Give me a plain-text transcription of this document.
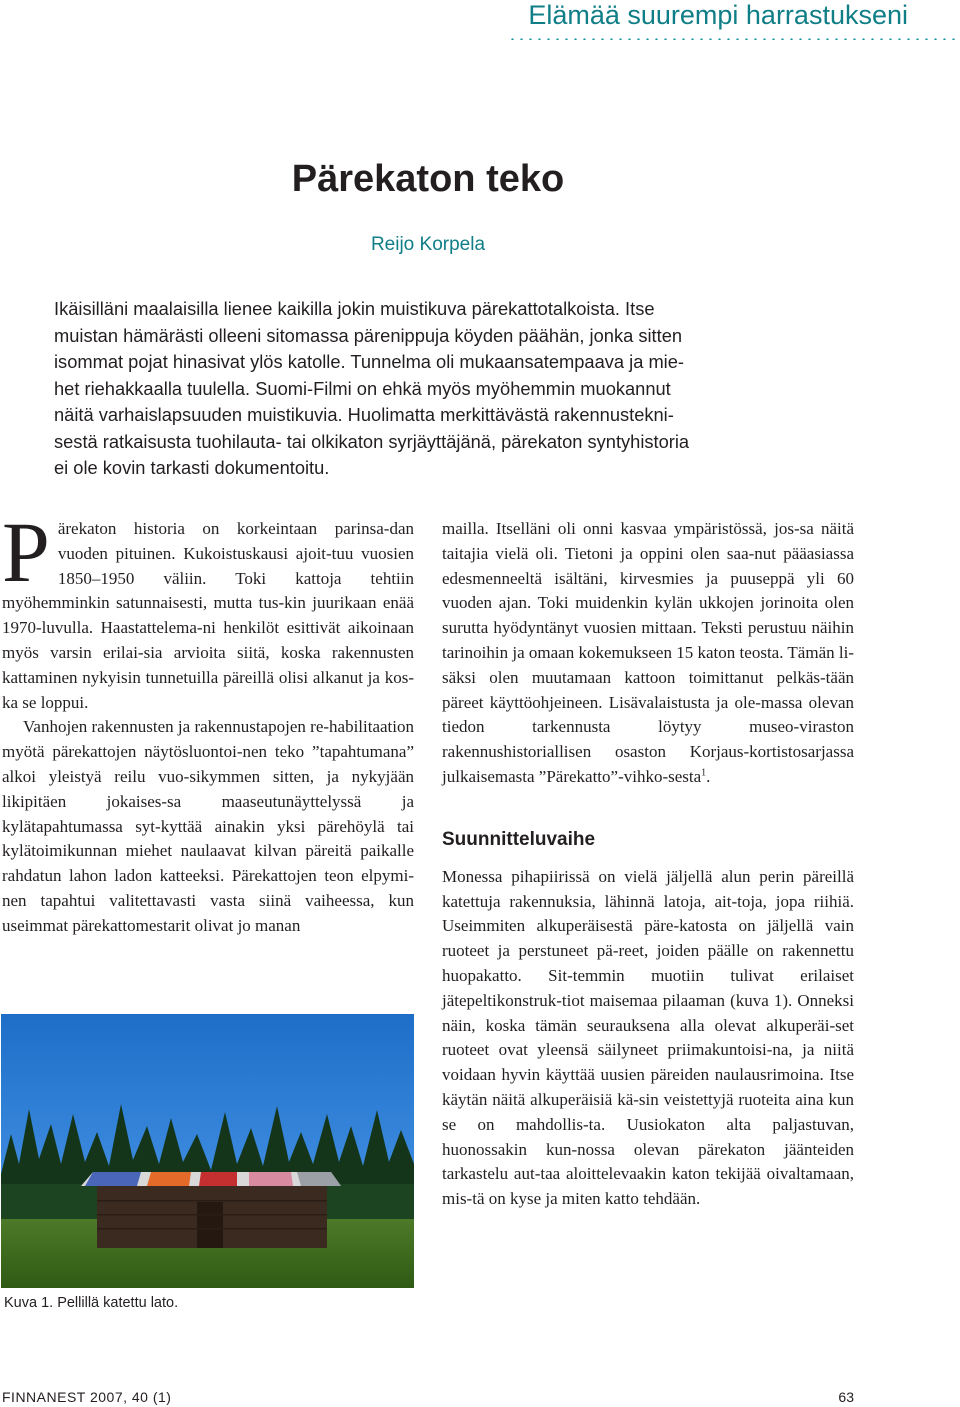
Elämää suurempi harrastukseni
Pärekaton teko
Reijo Korpela
Ikäisilläni maalaisilla lienee kaikilla jokin muistikuva pärekattotalkoista. Itse
muistan hämärästi olleeni sitomassa pärenippuja köyden päähän, jonka sitten
isommat pojat hinasivat ylös katolle. Tunnelma oli mukaansatempaava ja mie-
het riehakkaalla tuulella. Suomi-Filmi on ehkä myös myöhemmin muokannut
näitä varhaislapsuuden muistikuvia. Huolimatta merkittävästä rakennustekni-
sestä ratkaisusta tuohilauta- tai olkikaton syrjäyttäjänä, pärekaton syntyhistoria
ei ole kovin tarkasti dokumentoitu.

Pärekaton historia on korkeintaan parinsa-dan vuoden pituinen. Kukoistuskausi ajoit-tuu vuosien 1850–1950 väliin. Toki kattoja tehtiin myöhemminkin satunnaisesti, mutta tus-kin juurikaan enää 1970-luvulla. Haastattelema-ni henkilöt esittivät aikoinaan myös varsin erilai-sia arvioita siitä, koska rakennusten kattaminen nykyisin tunnetuilla päreillä olisi alkanut ja kos-ka se loppui.

Vanhojen rakennusten ja rakennustapojen re-habilitaation myötä pärekattojen näytösluontoi-nen teko ”tapahtumana” alkoi yleistyä reilu vuo-sikymmen sitten, ja nykyjään likipitäen jokaises-sa maaseutunäyttelyssä ja kylätapahtumassa syt-kyttää ainakin yksi pärehöylä tai kylätoimikunnan miehet naulaavat kilvan päreitä paikalle rahdatun lahon ladon katteeksi. Pärekattojen teon elpymi-nen tapahtui valitettavasti vasta siinä vaiheessa, kun useimmat pärekattomestarit olivat jo manan

Kuva 1. Pellillä katettu lato.

mailla. Itselläni oli onni kasvaa ympäristössä, jos-sa näitä taitajia vielä oli. Tietoni ja oppini olen saa-nut pääasiassa edesmenneeltä isältäni, kirvesmies ja puuseppä yli 60 vuoden ajan. Toki muidenkin kylän ukkojen jorinoita olen surutta hyödyntänyt vuosien mittaan. Teksti perustuu näihin tarinoihin ja omaan kokemukseen 15 katon teosta. Tämän li-säksi olen muutamaan kattoon toimittanut pelkäs-tään päreet käyttöohjeineen. Lisävalaistusta ja ole-massa olevan tiedon tarkennusta löytyy museo-viraston rakennushistoriallisen osaston Korjaus-kortistosarjassa julkaisemasta ”Pärekatto”-vihko-sesta$^1$.

Suunnitteluvaihe

Monessa pihapiirissä on vielä jäljellä alun perin päreillä katettuja rakennuksia, lähinnä latoja, ait-toja, jopa riihiä. Useimmiten alkuperäisestä päre-katosta on jäljellä vain ruoteet ja perstuneet pä-reet, joiden päälle on rakennettu huopakatto. Sit-temmin muotiin tulivat erilaiset jätepeltikonstruk-tiot maisemaa pilaaman (kuva 1). Onneksi näin, koska tämän seurauksena alla olevat alkuperäi-set ruoteet ovat yleensä säilyneet priimakuntoisi-na, ja niitä voidaan hyvin käyttää uusien päreiden naulausrimoina. Itse käytän näitä alkuperäisiä kä-sin veistettyjä ruoteita aina kun se on mahdollis-ta. Uusiokaton alta paljastuvan, huonossakin kun-nossa olevan pärekaton jäänteiden tarkastelu aut-taa aloittelevaakin katon tekijää oivaltamaan, mis-tä on kyse ja miten katto tehdään.

FINNANEST 2007, 40 (1)	63
